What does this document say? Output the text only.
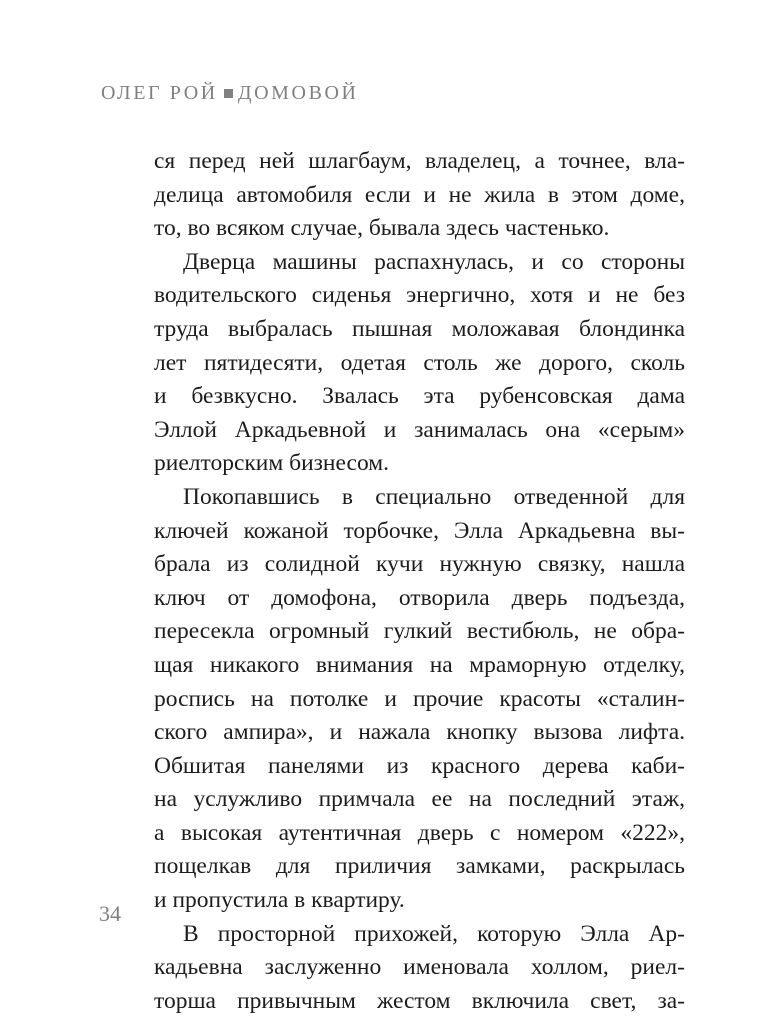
ОЛЕГ РОЙ ДОМОВОЙ
ся перед ней шлагбаум, владелец, а точнее, вла-
делица автомобиля если и не жила в этом доме,
то, во всяком случае, бывала здесь частенько.
Дверца машины распахнулась, и со стороны
водительского сиденья энергично, хотя и не без
труда выбралась пышная моложавая блондинка
лет пятидесяти, одетая столь же дорого, сколь
и безвкусно. Звалась эта рубенсовская дама
Эллой Аркадьевной и занималась она «серым»
риелторским бизнесом.
Покопавшись в специально отведенной для
ключей кожаной торбочке, Элла Аркадьевна вы-
брала из солидной кучи нужную связку, нашла
ключ от домофона, отворила дверь подъезда,
пересекла огромный гулкий вестибюль, не обра-
щая никакого внимания на мраморную отделку,
роспись на потолке и прочие красоты «сталин-
ского ампира», и нажала кнопку вызова лифта.
Обшитая панелями из красного дерева каби-
на услужливо примчала ее на последний этаж,
а высокая аутентичная дверь с номером «222»,
пощелкав для приличия замками, раскрылась
и пропустила в квартиру.
В просторной прихожей, которую Элла Ар-
кадьевна заслуженно именовала холлом, риел-
торша привычным жестом включила свет, за-
34
